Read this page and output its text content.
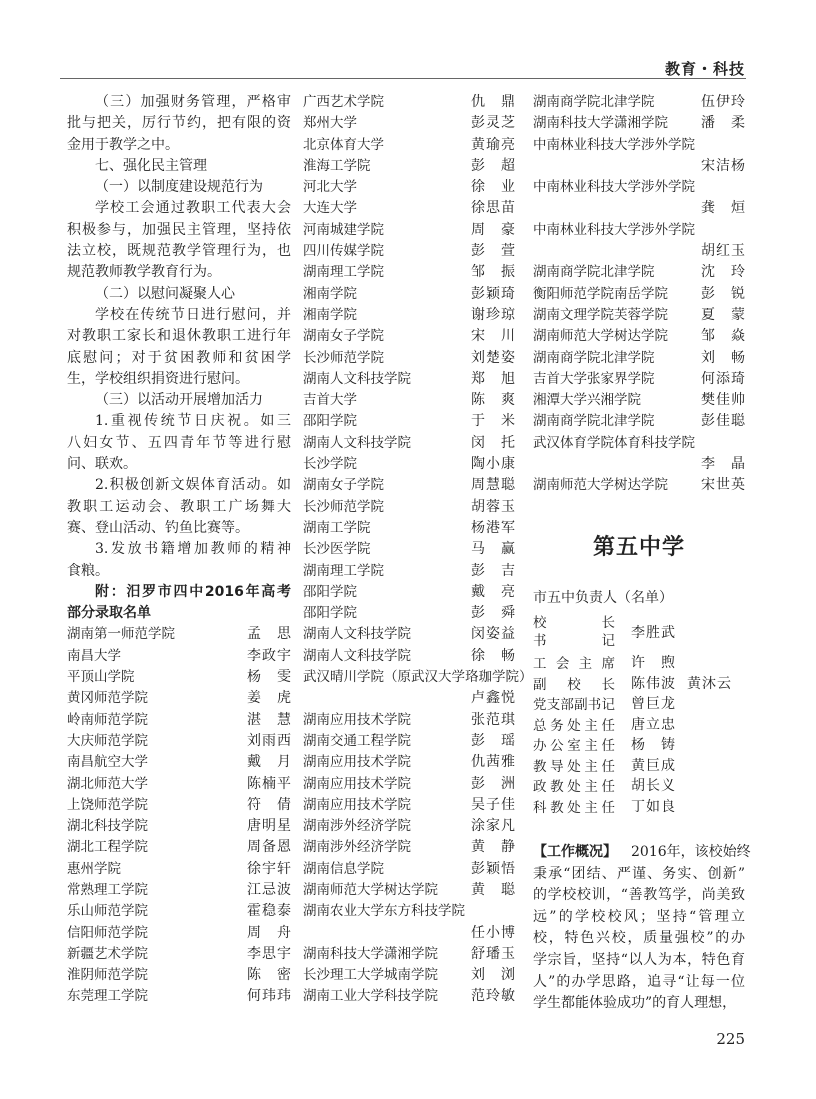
教育・科技
（三）加强财务管理，严格审
批与把关，厉行节约，把有限的资
金用于教学之中。
七、强化民主管理
（一）以制度建设规范行为
学校工会通过教职工代表大会
积极参与，加强民主管理，坚持依
法立校，既规范教学管理行为，也
规范教师教学教育行为。
（二）以慰问凝聚人心
学校在传统节日进行慰问，并
对教职工家长和退休教职工进行年
底慰问；对于贫困教师和贫困学
生，学校组织捐资进行慰问。
（三）以活动开展增加活力
1.重视传统节日庆祝。如三
八妇女节、五四青年节等进行慰
问、联欢。
2.积极创新文娱体育活动。如
教职工运动会、教职工广场舞大
赛、登山活动、钓鱼比赛等。
3.发放书籍增加教师的精神
食粮。
附：汨罗市四中2016年高考
部分录取名单
湖南第一师范学院	孟思
南昌大学	李政宇
平顶山学院	杨雯
黄冈师范学院	姜虎
岭南师范学院	湛慧
大庆师范学院	刘雨西
南昌航空大学	戴月
湖北师范大学	陈楠平
上饶师范学院	符倩
湖北科技学院	唐明星
湖北工程学院	周备恩
惠州学院	徐宇轩
常熟理工学院	江忌波
乐山师范学院	霍稳泰
信阳师范学院	周舟
新疆艺术学院	李思宇
淮阴师范学院	陈密
东莞理工学院	何玮玮
广西艺术学院	仇鼎
郑州大学	彭灵芝
北京体育大学	黄瑜亮
淮海工学院	彭超
河北大学	徐业
大连大学	徐思苗
河南城建学院	周豪
四川传媒学院	彭萱
湖南理工学院	邹振
湘南学院	彭颖琦
湘南学院	谢珍琼
湖南女子学院	宋川
长沙师范学院	刘楚姿
湖南人文科技学院	郑旭
吉首大学	陈爽
邵阳学院	于米
湖南人文科技学院	闵托
长沙学院	陶小康
湖南女子学院	周慧聪
长沙师范学院	胡蓉玉
湖南工学院	杨港军
长沙医学院	马赢
湖南理工学院	彭吉
邵阳学院	戴亮
邵阳学院	彭舜
湖南人文科技学院	闵姿益
湖南人文科技学院	徐畅
武汉晴川学院（原武汉大学珞珈学院）
卢鑫悦
湖南应用技术学院	张范琪
湖南交通工程学院	彭瑶
湖南应用技术学院	仇茜雅
湖南应用技术学院	彭洲
湖南应用技术学院	吴子佳
湖南涉外经济学院	涂家凡
湖南涉外经济学院	黄静
湖南信息学院	彭颖悟
湖南师范大学树达学院 黄聪
湖南农业大学东方科技学院
任小博
湖南科技大学潇湘学院 舒璠玉
长沙理工大学城南学院 刘浏
湖南工业大学科技学院 范玲敏
湖南商学院北津学院	伍伊玲
湖南科技大学潇湘学院 潘柔
中南林业科技大学涉外学院
宋洁杨
中南林业科技大学涉外学院
龚烜
中南林业科技大学涉外学院
胡红玉
湖南商学院北津学院	沈玲
衡阳师范学院南岳学院 彭锐
湖南文理学院芙蓉学院 夏蒙
湖南师范大学树达学院 邹焱
湖南商学院北津学院	刘畅
吉首大学张家界学院	何添琦
湘潭大学兴湘学院	樊佳帅
湖南商学院北津学院	彭佳聪
武汉体育学院体育科技学院
李晶
湖南师范大学树达学院 宋世英
第五中学
市五中负责人（名单）
校长
书记 李胜武
工会主席 许煦
副校长 陈伟波 黄沐云
党支部副书记 曾巨龙
总务处主任 唐立忠
办公室主任 杨铸
教导处主任 黄巨成
政教处主任 胡长义
科教处主任 丁如良
【工作概况】 2016年，该校始终
秉承“团结、严谨、务实、创新”
的学校校训，“善教笃学，尚美致
远”的学校校风；坚持“管理立
校，特色兴校，质量强校”的办
学宗旨，坚持“以人为本，特色育
人”的办学思路，追寻“让每一位
学生都能体验成功”的育人理想，
225
